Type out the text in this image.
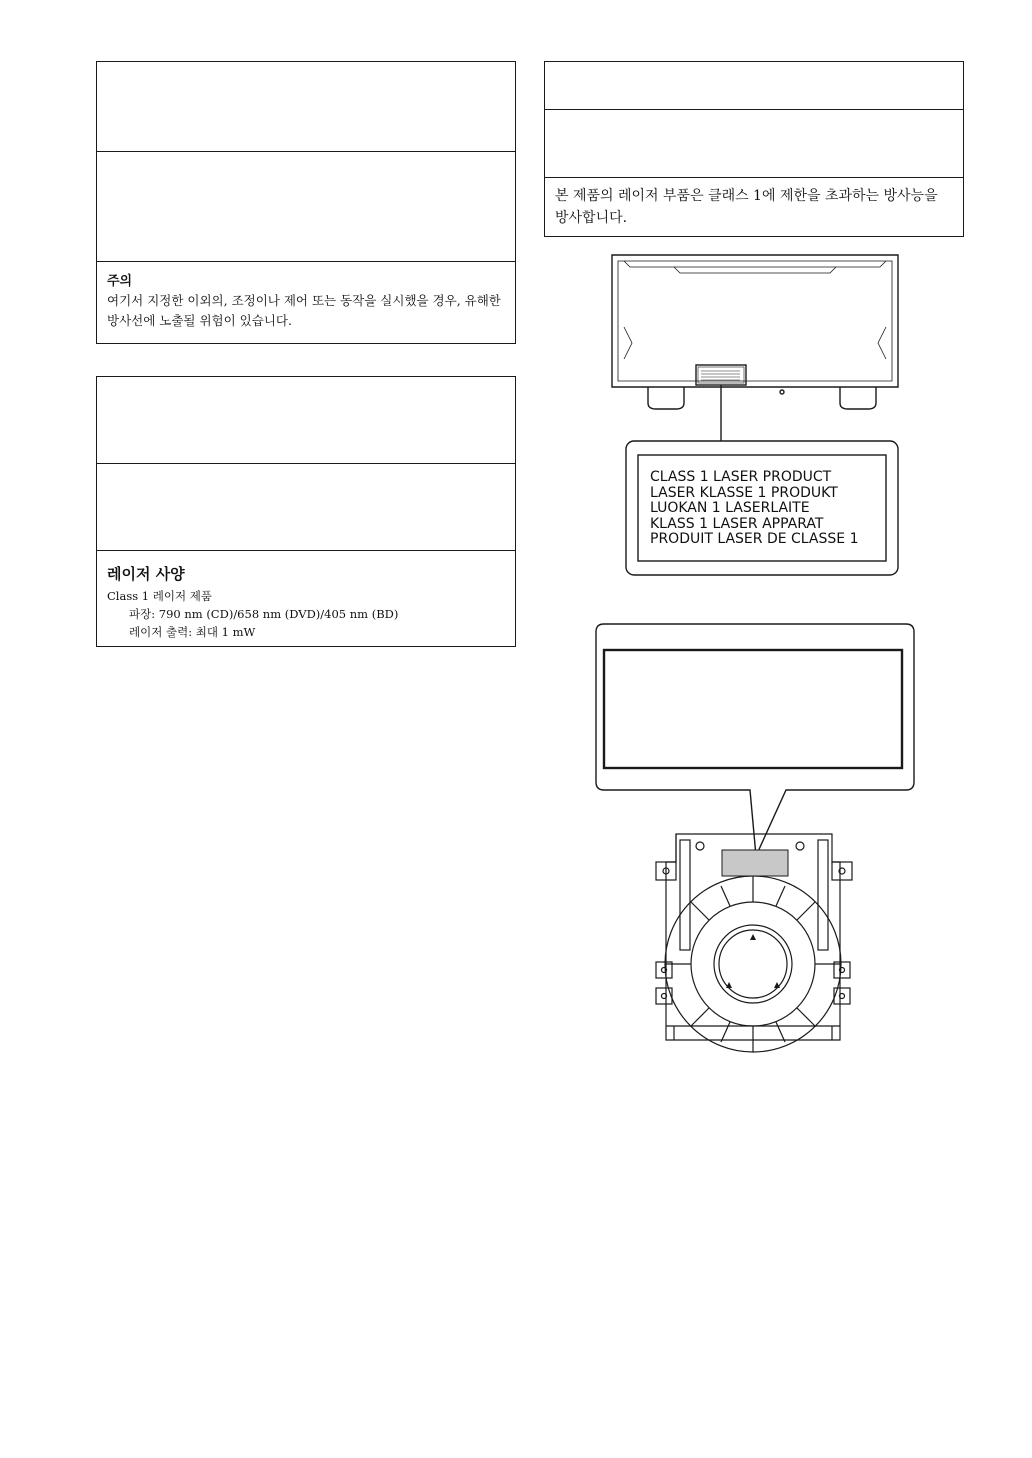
주의
여기서 지정한 이외의, 조정이나 제어 또는 동작을 실시했을 경우, 유해한 방사선에 노출될 위험이 있습니다.
레이저 사양
Class 1 레이저 제품
파장: 790 nm (CD)/658 nm (DVD)/405 nm (BD)
레이저 출력: 최대 1 mW
본 제품의 레이저 부품은 클래스 1에 제한을 초과하는 방사능을 방사합니다.
CLASS 1 LASER PRODUCT
LASER KLASSE 1 PRODUKT
LUOKAN 1 LASERLAITE
KLASS 1 LASER APPARAT
PRODUIT LASER DE CLASSE 1
